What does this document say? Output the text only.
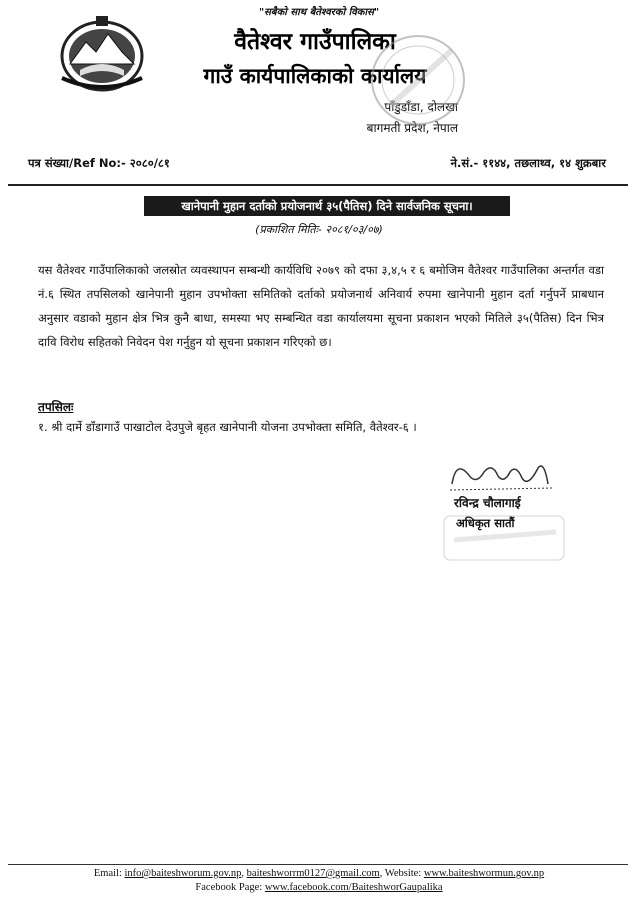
"सबैको साथ बैतेश्वरको विकास"
वैतेश्वर गाउँपालिका
गाउँ कार्यपालिकाको कार्यालय
पाँडुडाँडा, दोलखा
बागमती प्रदेश, नेपाल
पत्र संख्या/Ref No:- २०८०/८१	ने.सं.- ११४४, तछलाथ्व, १४ शुक्रबार
खानेपानी मुहान दर्ताको प्रयोजनार्थ ३५(पैतिस) दिने सार्वजनिक सूचना।
(प्रकाशित मितिः- २०८१/०३/०७)
यस वैतेश्वर गाउँपालिकाको जलस्रोत व्यवस्थापन सम्बन्धी कार्यविधि २०७९ को दफा ३,४,५ र ६ बमोजिम वैतेश्वर गाउँपालिका अन्तर्गत वडा नं.६ स्थित तपसिलको खानेपानी मुहान उपभोक्ता समितिको दर्ताको प्रयोजनार्थ अनिवार्य रुपमा खानेपानी मुहान दर्ता गर्नुपर्ने प्राबधान अनुसार वडाको मुहान क्षेत्र भित्र कुनै बाधा, समस्या भए सम्बन्धित वडा कार्यालयमा सूचना प्रकाशन भएको मितिले ३५(पैतिस) दिन भित्र दावि विरोध सहितको निवेदन पेश गर्नुहुन यो सूचना प्रकाशन गरिएको छ।
तपसिलः
१. श्री दार्मे डाँडागाउँ पाखाटोल देउपुजे बृहत खानेपानी योजना उपभोक्ता समिति, वैतेश्वर-६ ।
रविन्द्र चौलागाई
अधिकृत सातौं
Email: info@baiteshworum.gov.np, baiteshworrm0127@gmail.com, Website: www.baiteshwormun.gov.np
Facebook Page: www.facebook.com/BaiteshworGaupalika
